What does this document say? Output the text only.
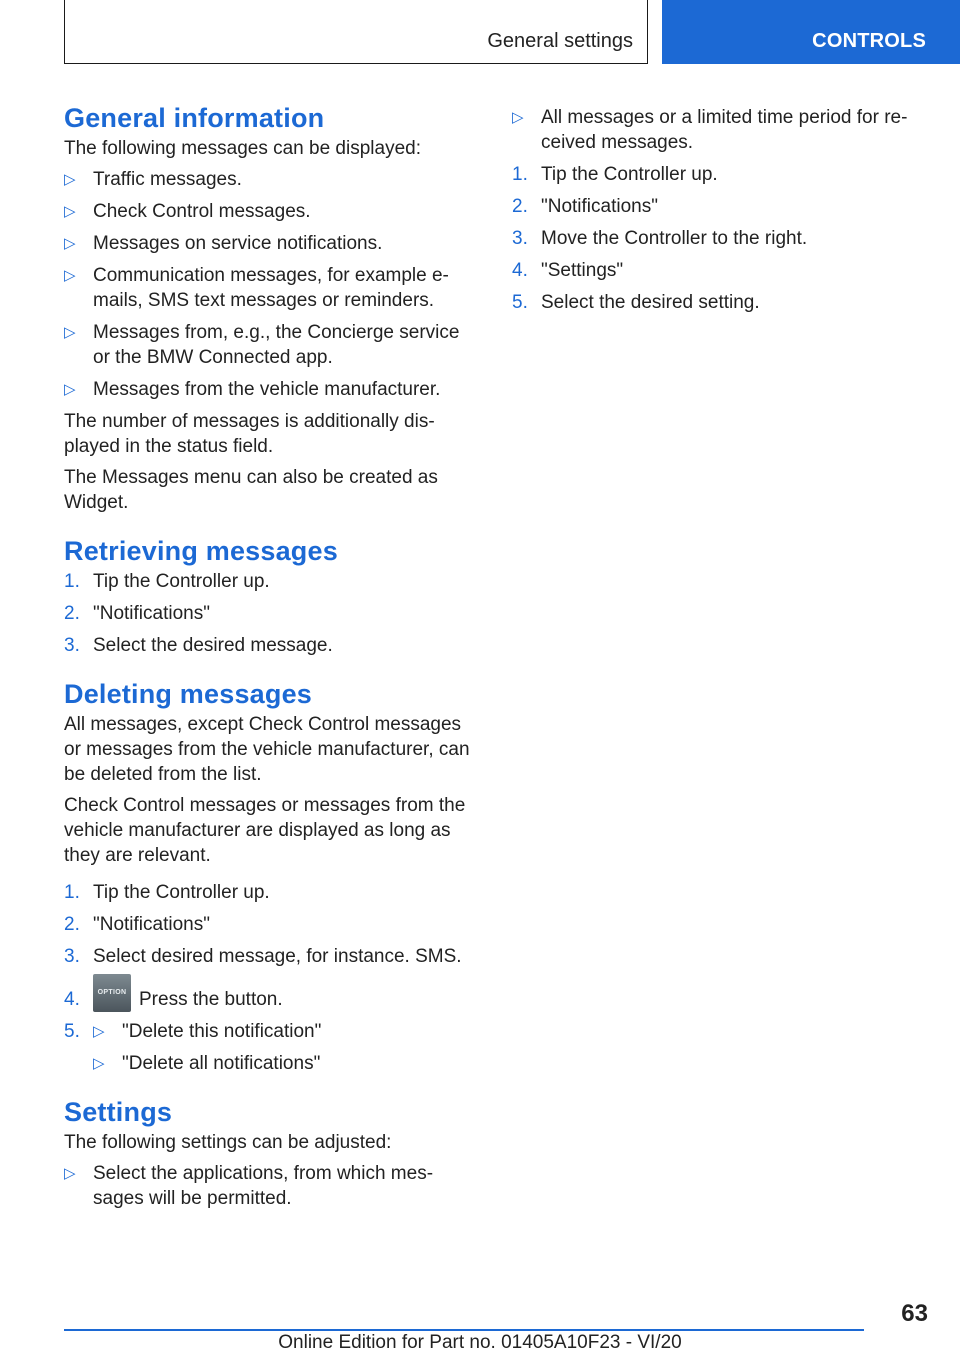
General settings	CONTROLS
General information

The following messages can be displayed:

▷ Traffic messages.
▷ Check Control messages.
▷ Messages on service notifications.
▷ Communication messages, for example e-mails, SMS text messages or reminders.
▷ Messages from, e.g., the Concierge service or the BMW Connected app.
▷ Messages from the vehicle manufacturer.

The number of messages is additionally dis-played in the status field.

The Messages menu can also be created as Widget.

Retrieving messages
1. Tip the Controller up.
2. "Notifications"
3. Select the desired message.
Deleting messages

All messages, except Check Control messages or messages from the vehicle manufacturer, can be deleted from the list.

Check Control messages or messages from the vehicle manufacturer are displayed as long as they are relevant.

1. Tip the Controller up.
2. "Notifications"
3. Select desired message, for instance. SMS.
4.	OPTION Press the button.
5. ▷ "Delete this notification"
▷ "Delete all notifications"
Settings

The following settings can be adjusted:

▷ Select the applications, from which mes-sages will be permitted.
▷ All messages or a limited time period for re-ceived messages.
1. Tip the Controller up.
2. "Notifications"
3. Move the Controller to the right.
4. "Settings"
5. Select the desired setting.
63
Online Edition for Part no. 01405A10F23 - VI/20
